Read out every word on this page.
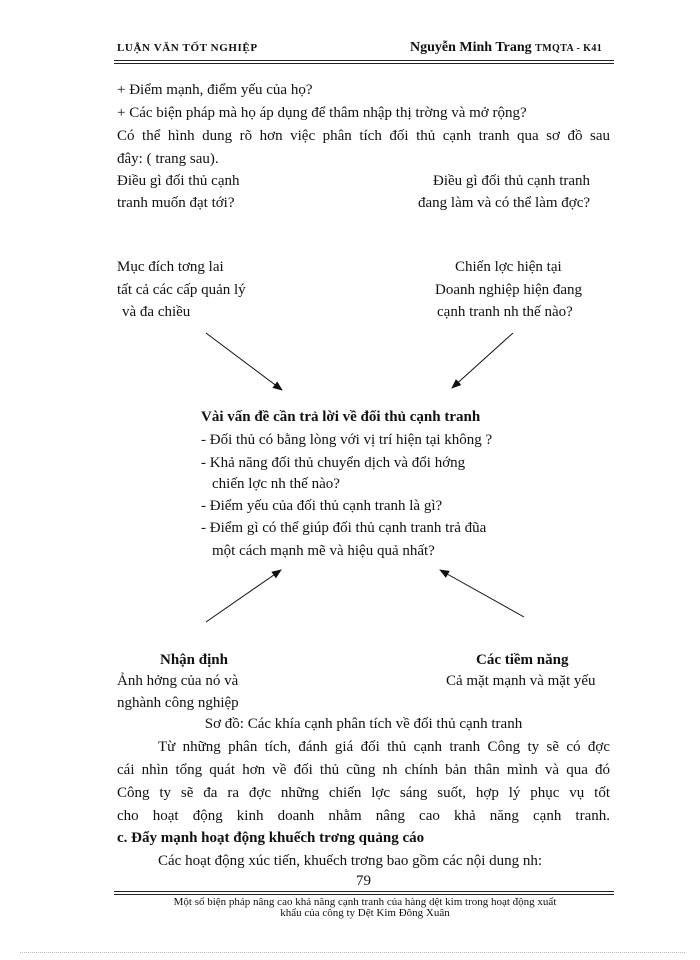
LUẬN VĂN TỐT NGHIỆP	Nguyễn Minh Trang TMQTA - K41
+ Điểm mạnh, điểm yếu của họ?
+ Các biện pháp mà họ áp dụng để thâm nhập thị trờng và mở rộng?
Có thể hình dung rõ hơn việc phân tích đối thủ cạnh tranh qua sơ đồ sau
đây: ( trang sau).
Điều gì đối thủ cạnh
tranh muốn đạt tới?
Điều gì đối thủ cạnh tranh
đang làm và có thể làm đợc?
Mục đích tơng lai
tất cả các cấp quản lý
và đa chiều
Chiến lợc hiện tại
Doanh nghiệp hiện đang
cạnh tranh nh thế nào?
Vài vấn đề cần trả lời về đối thủ cạnh tranh
- Đối thủ có bằng lòng với vị trí hiện tại không ?
- Khả năng đối thủ chuyển dịch và đổi hớng
chiến lợc nh thế nào?
- Điểm yếu của đối thủ cạnh tranh là gì?
- Điểm gì có thể giúp đối thủ cạnh tranh trả đũa
một cách mạnh mẽ và hiệu quả nhất?
Nhận định
Ảnh hởng của nó và
nghành công nghiệp
Các tiềm năng
Cả mặt mạnh và mặt yếu
Sơ đồ: Các khía cạnh phân tích về đối thủ cạnh tranh
Từ những phân tích, đánh giá đối thủ cạnh tranh Công ty sẽ có đợc
cái nhìn tổng quát hơn về đối thủ cũng nh chính bản thân mình và qua đó
Công ty sẽ đa ra đợc những chiến lợc sáng suốt, hợp lý phục vụ tốt
cho hoạt động kinh doanh nhằm nâng cao khả năng cạnh tranh.
c. Đẩy mạnh hoạt động khuếch trơng quảng cáo
Các hoạt động xúc tiến, khuếch trơng bao gồm các nội dung nh:
79
Một số biện pháp nâng cao khả năng cạnh tranh của hàng dệt kim trong hoạt động xuất
khẩu của công ty Dệt Kim Đông Xuân
